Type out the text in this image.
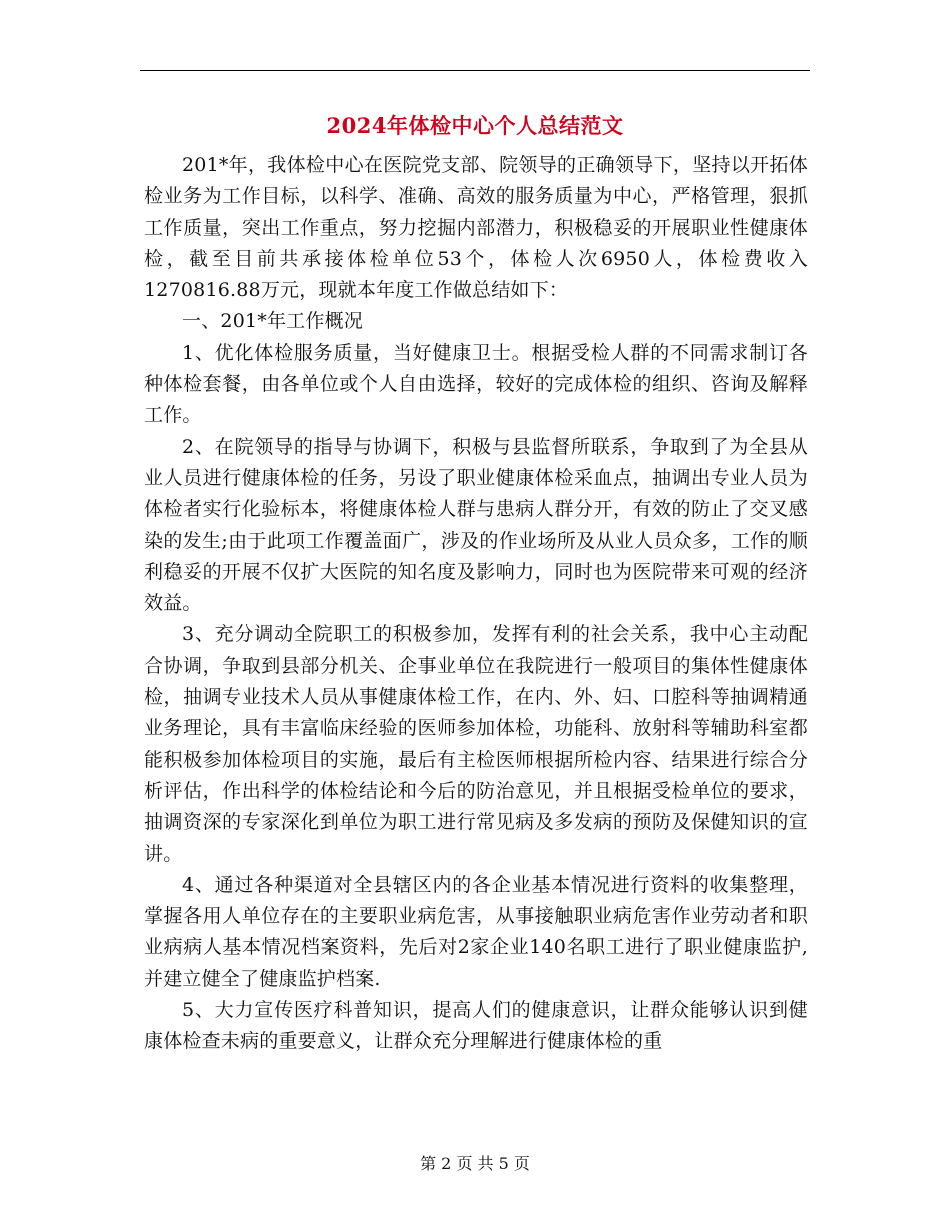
2024年体检中心个人总结范文

201*年，我体检中心在医院党支部、院领导的正确领导下，坚持以开拓体检业务为工作目标，以科学、准确、高效的服务质量为中心，严格管理，狠抓工作质量，突出工作重点，努力挖掘内部潜力，积极稳妥的开展职业性健康体检，截至目前共承接体检单位53个，体检人次6950人，体检费收入1270816.88万元，现就本年度工作做总结如下：

一、201*年工作概况

1、优化体检服务质量，当好健康卫士。根据受检人群的不同需求制订各种体检套餐，由各单位或个人自由选择，较好的完成体检的组织、咨询及解释工作。

2、在院领导的指导与协调下，积极与县监督所联系，争取到了为全县从业人员进行健康体检的任务，另设了职业健康体检采血点，抽调出专业人员为体检者实行化验标本，将健康体检人群与患病人群分开，有效的防止了交叉感染的发生;由于此项工作覆盖面广，涉及的作业场所及从业人员众多，工作的顺利稳妥的开展不仅扩大医院的知名度及影响力，同时也为医院带来可观的经济效益。

3、充分调动全院职工的积极参加，发挥有利的社会关系，我中心主动配合协调，争取到县部分机关、企事业单位在我院进行一般项目的集体性健康体检，抽调专业技术人员从事健康体检工作，在内、外、妇、口腔科等抽调精通业务理论，具有丰富临床经验的医师参加体检，功能科、放射科等辅助科室都能积极参加体检项目的实施，最后有主检医师根据所检内容、结果进行综合分析评估，作出科学的体检结论和今后的防治意见，并且根据受检单位的要求，抽调资深的专家深化到单位为职工进行常见病及多发病的预防及保健知识的宣讲。

4、通过各种渠道对全县辖区内的各企业基本情况进行资料的收集整理，掌握各用人单位存在的主要职业病危害，从事接触职业病危害作业劳动者和职业病病人基本情况档案资料，先后对2家企业140名职工进行了职业健康监护,并建立健全了健康监护档案.

5、大力宣传医疗科普知识，提高人们的健康意识，让群众能够认识到健康体检查未病的重要意义，让群众充分理解进行健康体检的重

第 2 页 共 5 页
